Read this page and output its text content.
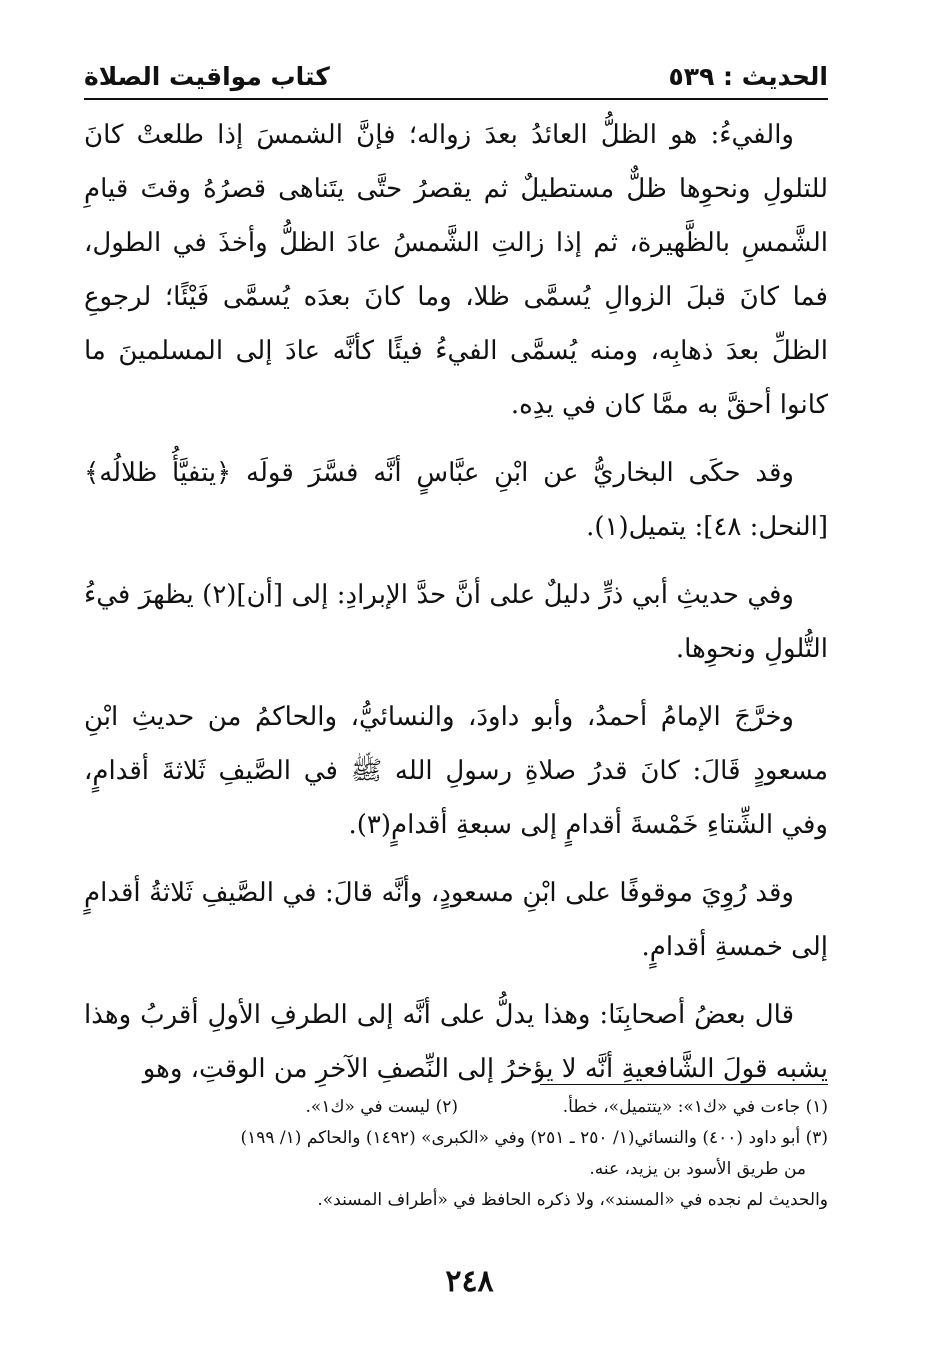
الحديث : ٥٣٩
كتاب مواقيت الصلاة

والفيءُ: هو الظلُّ العائدُ بعدَ زواله؛ فإنَّ الشمسَ إذا طلعتْ كانَ للتلولِ ونحوِها ظلٌّ مستطيلٌ ثم يقصرُ حتَّى يتَناهى قصرُهُ وقتَ قيامِ الشَّمسِ بالظَّهيرة، ثم إذا زالتِ الشَّمسُ عادَ الظلُّ وأخذَ في الطول، فما كانَ قبلَ الزوالِ يُسمَّى ظلا، وما كانَ بعدَه يُسمَّى فَيْئًا؛ لرجوعِ الظلِّ بعدَ ذهابِه، ومنه يُسمَّى الفيءُ فيئًا كأنَّه عادَ إلى المسلمينَ ما كانوا أحقَّ به ممَّا كان في يدِه.

وقد حكَى البخاريُّ عن ابْنِ عبَّاسٍ أنَّه فسَّرَ قولَه ﴿يتفيَّأُ ظلالُه﴾ [النحل: ٤٨]: يتميل(١).

وفي حديثِ أبي ذرٍّ دليلٌ على أنَّ حدَّ الإبرادِ: إلى [أن](٢) يظهرَ فيءُ التُّلولِ ونحوِها.

وخرَّجَ الإمامُ أحمدُ، وأبو داودَ، والنسائيُّ، والحاكمُ من حديثِ ابْنِ مسعودٍ قَالَ: كانَ قدرُ صلاةِ رسولِ الله ﷺ في الصَّيفِ ثَلاثةَ أقدامٍ، وفي الشِّتاءِ خَمْسةَ أقدامٍ إلى سبعةِ أقدامٍ(٣).

وقد رُوِيَ موقوفًا على ابْنِ مسعودٍ، وأنَّه قالَ: في الصَّيفِ ثَلاثةُ أقدامٍ إلى خمسةِ أقدامٍ.

قال بعضُ أصحابِنَا: وهذا يدلُّ على أنَّه إلى الطرفِ الأولِ أقربُ وهذا يشبه قولَ الشَّافعيةِ أنَّه لا يؤخرُ إلى النِّصفِ الآخرِ من الوقتِ، وهو

(١) جاءت في «ك١»: «يتتميل»، خطأ.
(٢) ليست في «ك١».

(٣) أبو داود (٤٠٠) والنسائي(١/ ٢٥٠ ـ ٢٥١) وفي «الكبرى» (١٤٩٢) والحاكم (١/ ١٩٩)

من طريق الأسود بن يزيد، عنه.

والحديث لم نجده في «المسند»، ولا ذكره الحافظ في «أطراف المسند».

٢٤٨
